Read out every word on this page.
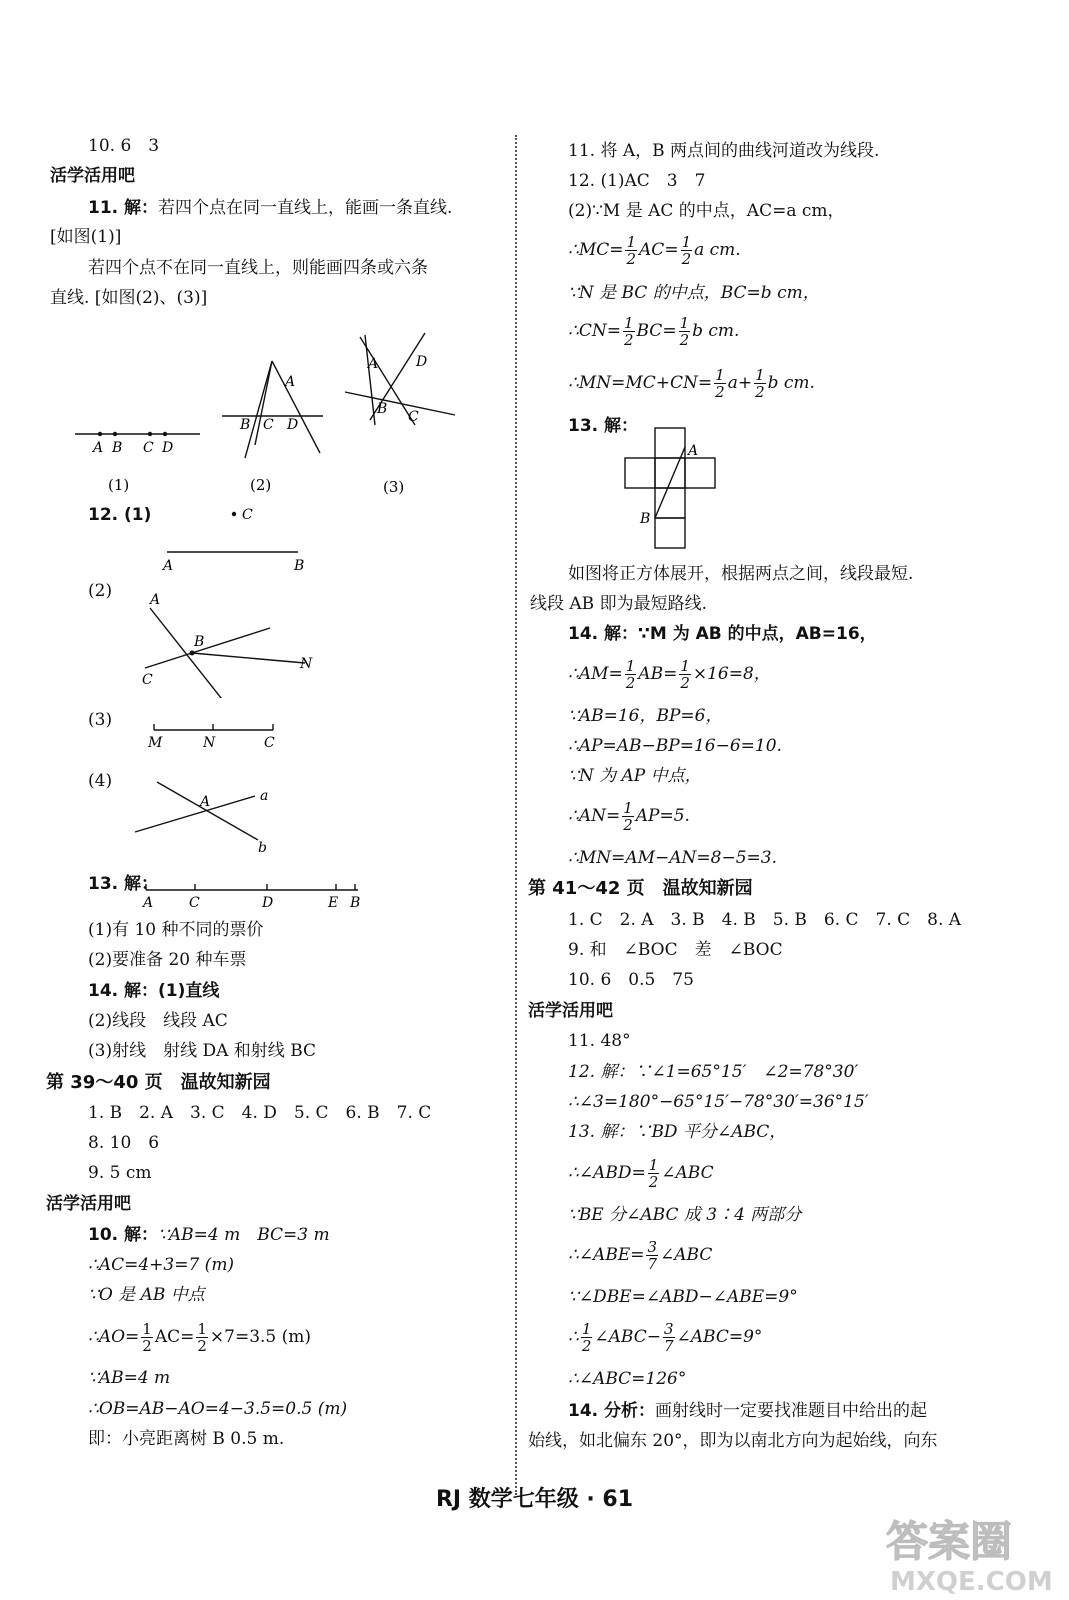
10. 6　3
活学活用吧
11. 解：若四个点在同一直线上，能画一条直线.
[如图(1)]
若四个点不在同一直线上，则能画四条或六条
直线. [如图(2)、(3)]
A B C D
A
B C D
A	D
B C
(1)	(2)	(3)
12. (1)	C
A	B
(2)	A
B
N
C
(3)
M	N	C
(4)
a
A
b
13. 解：
A	C	D	E B
(1)有 10 种不同的票价
(2)要准备 20 种车票
14. 解：(1)直线
(2)线段　线段 AC
(3)射线　射线 DA 和射线 BC
第 39～40 页　温故知新园
1. B　2. A　3. C　4. D　5. C　6. B　7. C
8. 10　6
9. 5 cm
活学活用吧
10. 解：∵AB=4 m　BC=3 m
∴AC=4+3=7 (m)
∵O 是 AB 中点
∴AO= $\frac{1}{2} AC= \frac{1}{2} \times 7=3.5$ (m)
∵AB=4 m
∴OB=AB−AO=4−3.5=0.5 (m)
即：小亮距离树 B 0.5 m.
11. 将 A，B 两点间的曲线河道改为线段.
12. (1)AC　3　7
(2)∵M 是 AC 的中点，AC=a cm，
∴MC= $\frac{1}{2} AC= \frac{1}{2}$ a cm.
∵N 是 BC 的中点，BC=b cm，
∴CN= $\frac{1}{2} BC= \frac{1}{2}$ b cm.
∴MN=MC+CN= $\frac{1}{2} a+ \frac{1}{2}$ b cm.
13. 解：
A
B
如图将正方体展开，根据两点之间，线段最短.
线段 AB 即为最短路线.
14. 解：∵M 为 AB 的中点，AB=16，
∴AM= $\frac{1}{2} AB= \frac{1}{2} \times 16=8$，
∵AB=16，BP=6，
∴AP=AB−BP=16−6=10.
∵N 为 AP 中点，
∴AN= $\frac{1}{2} AP=5$.
∴MN=AM−AN=8−5=3.
第 41～42 页　温故知新园
1. C　2. A　3. B　4. B　5. B　6. C　7. C　8. A
9. 和　∠BOC　差　∠BOC
10. 6　0.5　75
活学活用吧
11. 48°
12. 解：∵∠1=65°15′　∠2=78°30′
∴∠3=180°−65°15′−78°30′=36°15′
13. 解：∵BD 平分∠ABC，
∴∠ABD= $\frac{1}{2}$ ∠ABC
∵BE 分∠ABC 成 3∶4 两部分
∴∠ABE= $\frac{3}{7}$ ∠ABC
∵∠DBE=∠ABD−∠ABE=9°
∴ $\frac{1}{2}$ ∠ABC− $\frac{3}{7}$ ∠ABC=9°
∴∠ABC=126°
14. 分析：画射线时一定要找准题目中给出的起
始线，如北偏东 20°，即为以南北方向为起始线，向东
RJ 数学七年级 · 61
答案圈
MXQE.COM
